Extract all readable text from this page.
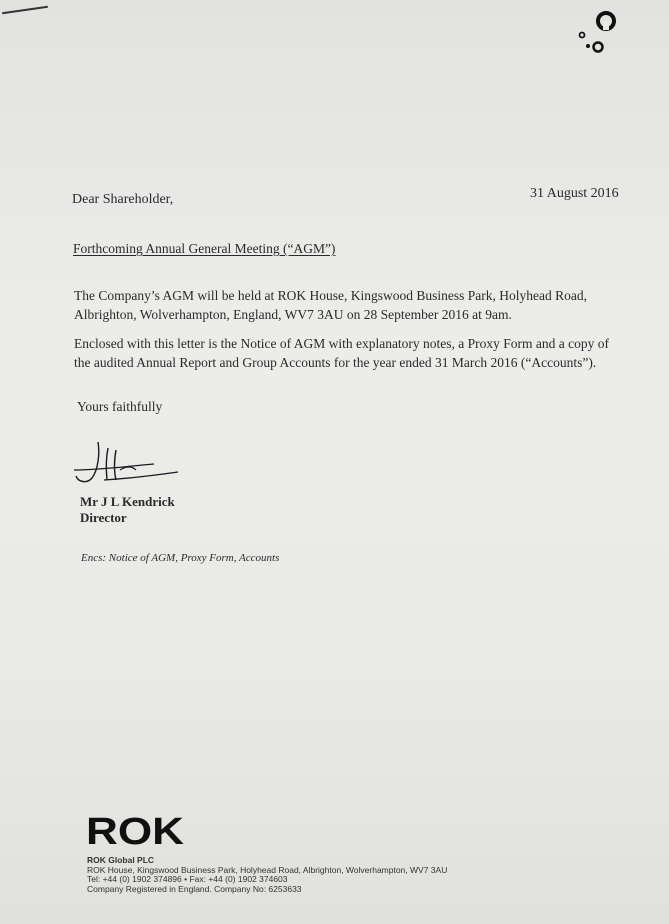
31 August 2016
Dear Shareholder,
Forthcoming Annual General Meeting (“AGM”)
The Company’s AGM will be held at ROK House, Kingswood Business Park, Holyhead Road, Albrighton, Wolverhampton, England, WV7 3AU on 28 September 2016 at 9am.
Enclosed with this letter is the Notice of AGM with explanatory notes, a Proxy Form and a copy of the audited Annual Report and Group Accounts for the year ended 31 March 2016 (“Accounts”).
Yours faithfully
Mr J L Kendrick
Director
Encs: Notice of AGM, Proxy Form, Accounts
ROK
ROK Global PLC
ROK House, Kingswood Business Park, Holyhead Road, Albrighton, Wolverhampton, WV7 3AU
Tel: +44 (0) 1902 374896 • Fax: +44 (0) 1902 374603
Company Registered in England. Company No: 6253633
